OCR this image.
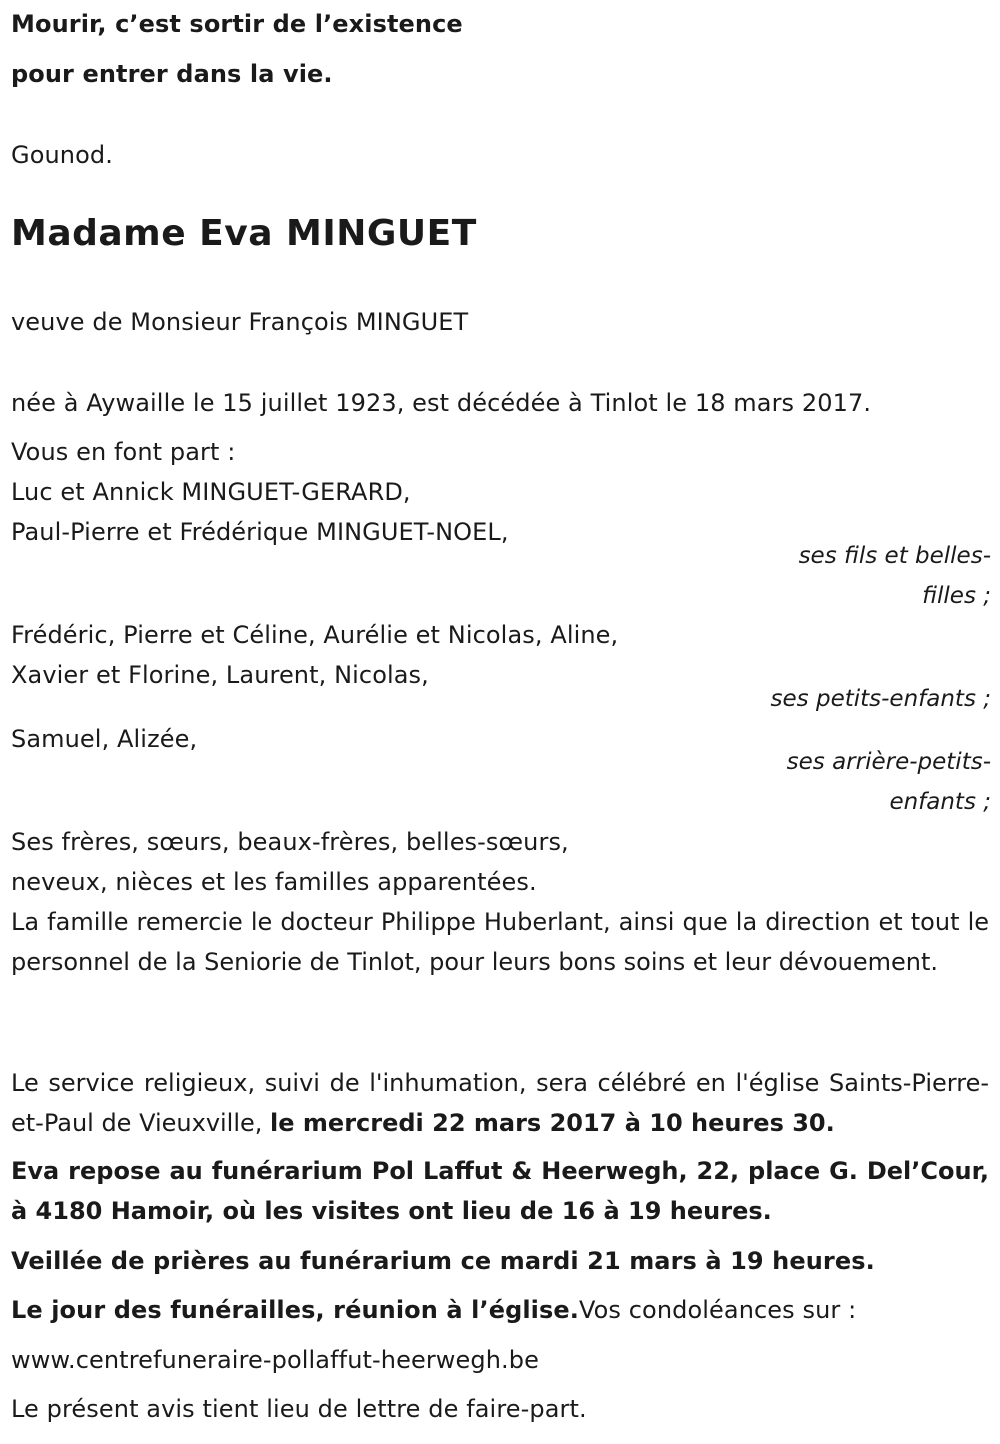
Mourir, c’est sortir de l’existence
pour entrer dans la vie.
Gounod.
Madame Eva MINGUET
veuve de Monsieur François MINGUET
née à Aywaille le 15 juillet 1923, est décédée à Tinlot le 18 mars 2017.
Vous en font part :
Luc et Annick MINGUET-GERARD,
Paul-Pierre et Frédérique MINGUET-NOEL,
ses fils et belles-
filles ;
Frédéric, Pierre et Céline, Aurélie et Nicolas, Aline,
Xavier et Florine, Laurent, Nicolas,
ses petits-enfants ;
Samuel, Alizée,
ses arrière-petits-
enfants ;
Ses frères, sœurs, beaux-frères, belles-sœurs,
neveux, nièces et les familles apparentées.
La famille remercie le docteur Philippe Huberlant, ainsi que la direction et tout le personnel de la Seniorie de Tinlot, pour leurs bons soins et leur dévouement.
Le service religieux, suivi de l'inhumation, sera célébré en l'église Saints-Pierre-et-Paul de Vieuxville, le mercredi 22 mars 2017 à 10 heures 30.
Eva repose au funérarium Pol Laffut & Heerwegh, 22, place G. Del’Cour, à 4180 Hamoir, où les visites ont lieu de 16 à 19 heures.
Veillée de prières au funérarium ce mardi 21 mars à 19 heures.
Le jour des funérailles, réunion à l’église.Vos condoléances sur :
www.centrefuneraire-pollaffut-heerwegh.be
Le présent avis tient lieu de lettre de faire-part.
